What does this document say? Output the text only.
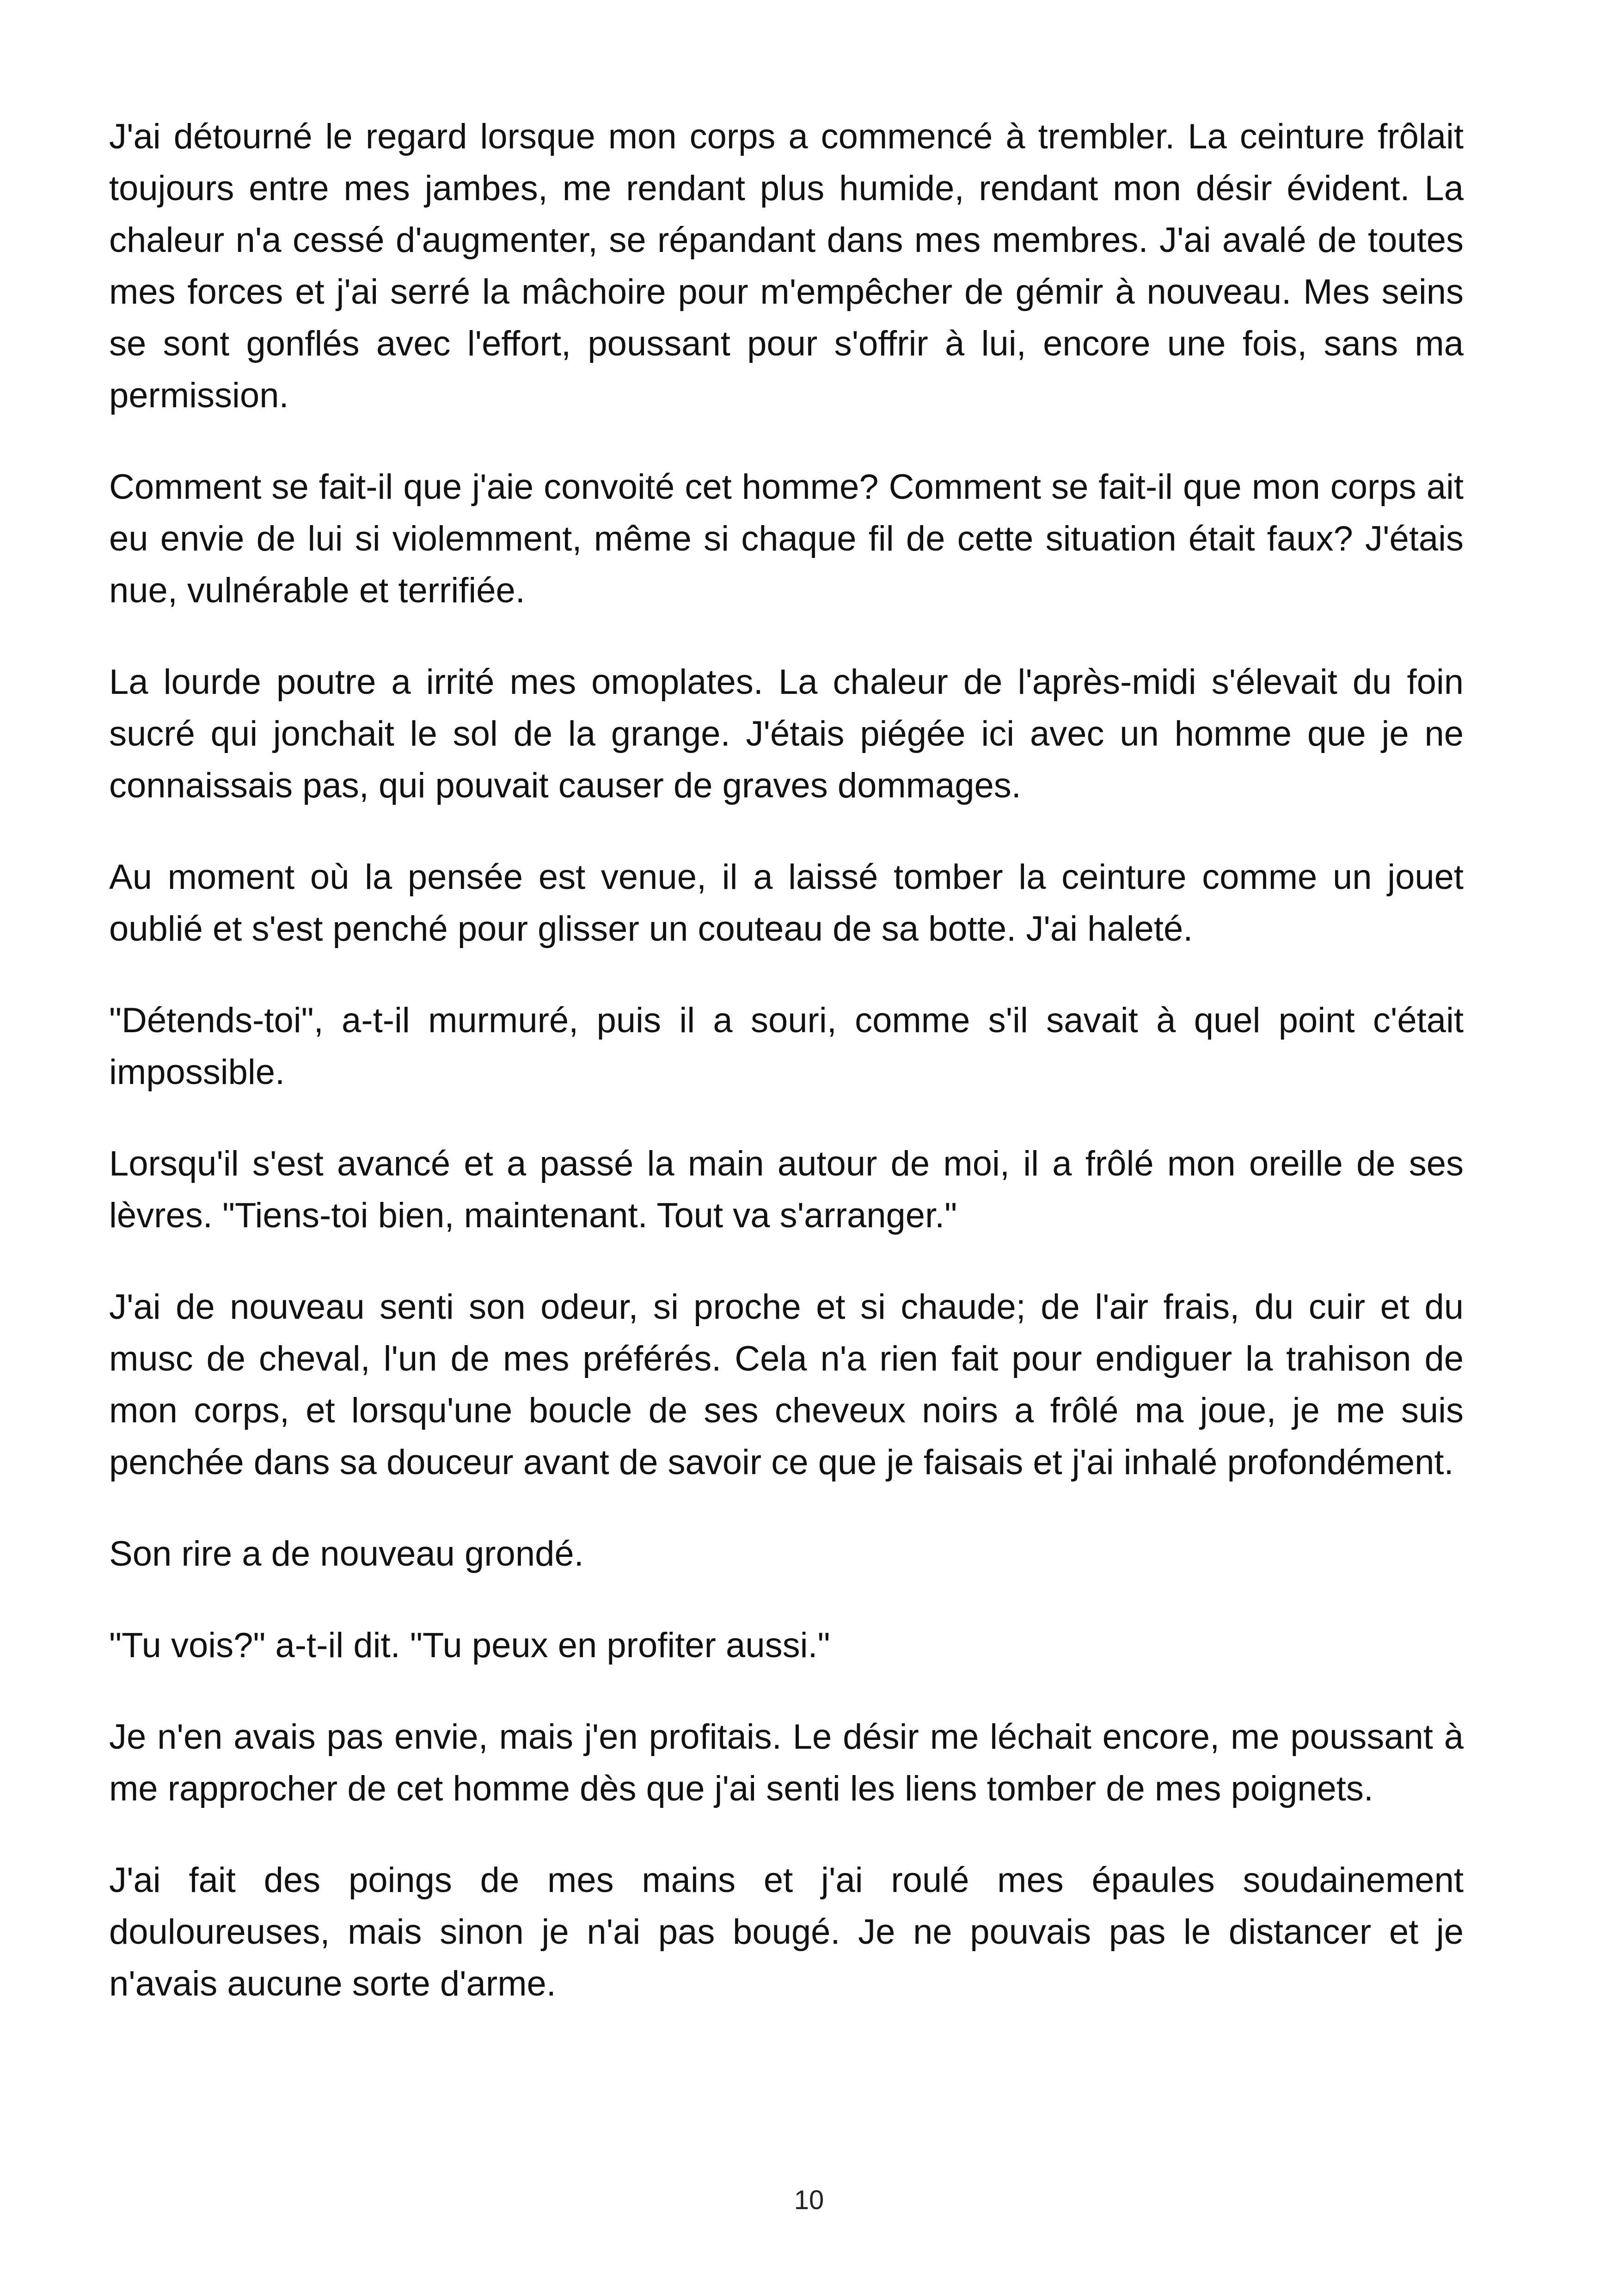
J'ai détourné le regard lorsque mon corps a commencé à trembler. La ceinture frôlait toujours entre mes jambes, me rendant plus humide, rendant mon désir évident. La chaleur n'a cessé d'augmenter, se répandant dans mes membres. J'ai avalé de toutes mes forces et j'ai serré la mâchoire pour m'empêcher de gémir à nouveau. Mes seins se sont gonflés avec l'effort, poussant pour s'offrir à lui, encore une fois, sans ma permission.

Comment se fait-il que j'aie convoité cet homme? Comment se fait-il que mon corps ait eu envie de lui si violemment, même si chaque fil de cette situation était faux? J'étais nue, vulnérable et terrifiée.

La lourde poutre a irrité mes omoplates. La chaleur de l'après-midi s'élevait du foin sucré qui jonchait le sol de la grange. J'étais piégée ici avec un homme que je ne connaissais pas, qui pouvait causer de graves dommages.

Au moment où la pensée est venue, il a laissé tomber la ceinture comme un jouet oublié et s'est penché pour glisser un couteau de sa botte. J'ai haleté.

"Détends-toi", a-t-il murmuré, puis il a souri, comme s'il savait à quel point c'était impossible.

Lorsqu'il s'est avancé et a passé la main autour de moi, il a frôlé mon oreille de ses lèvres. "Tiens-toi bien, maintenant. Tout va s'arranger."

J'ai de nouveau senti son odeur, si proche et si chaude; de l'air frais, du cuir et du musc de cheval, l'un de mes préférés. Cela n'a rien fait pour endiguer la trahison de mon corps, et lorsqu'une boucle de ses cheveux noirs a frôlé ma joue, je me suis penchée dans sa douceur avant de savoir ce que je faisais et j'ai inhalé profondément.

Son rire a de nouveau grondé.

"Tu vois?" a-t-il dit. "Tu peux en profiter aussi."

Je n'en avais pas envie, mais j'en profitais. Le désir me léchait encore, me poussant à me rapprocher de cet homme dès que j'ai senti les liens tomber de mes poignets.

J'ai fait des poings de mes mains et j'ai roulé mes épaules soudainement douloureuses, mais sinon je n'ai pas bougé. Je ne pouvais pas le distancer et je n'avais aucune sorte d'arme.

10
